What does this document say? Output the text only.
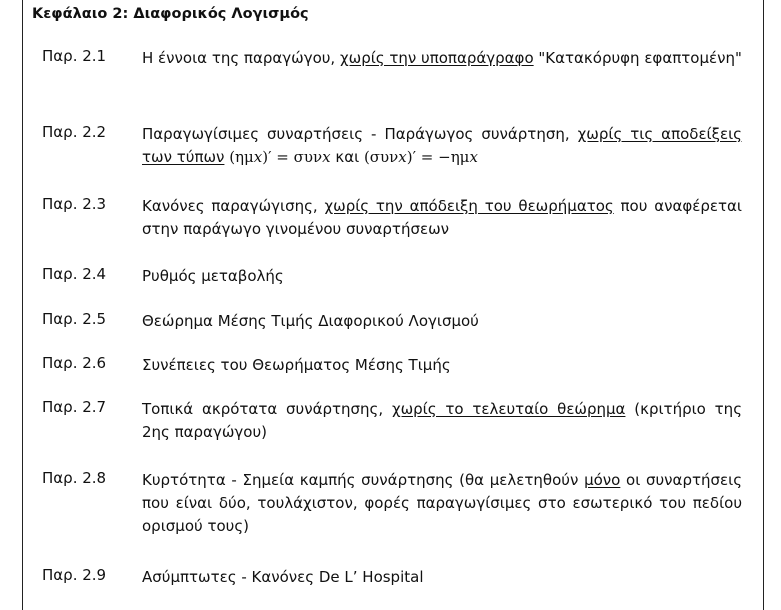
Κεφάλαιο 2: Διαφορικός Λογισμός
Παρ. 2.1 Η έννοια της παραγώγου, χωρίς την υποπαράγραφο "Κατακόρυφη εφαπτομένη"
Παρ. 2.2 Παραγωγίσιμες συναρτήσεις - Παράγωγος συνάρτηση, χωρίς τις αποδείξεις των τύπων (ημx)′ = συνx και (συνx)′ = −ημx
Παρ. 2.3 Κανόνες παραγώγισης, χωρίς την απόδειξη του θεωρήματος που αναφέρεται στην παράγωγο γινομένου συναρτήσεων
Παρ. 2.4 Ρυθμός μεταβολής
Παρ. 2.5 Θεώρημα Μέσης Τιμής Διαφορικού Λογισμού
Παρ. 2.6 Συνέπειες του Θεωρήματος Μέσης Τιμής
Παρ. 2.7 Τοπικά ακρότατα συνάρτησης, χωρίς το τελευταίο θεώρημα (κριτήριο της 2ης παραγώγου)
Παρ. 2.8 Κυρτότητα - Σημεία καμπής συνάρτησης (θα μελετηθούν μόνο οι συναρτήσεις που είναι δύο, τουλάχιστον, φορές παραγωγίσιμες στο εσωτερικό του πεδίου ορισμού τους)
Παρ. 2.9 Ασύμπτωτες - Κανόνες De L’ Hospital
